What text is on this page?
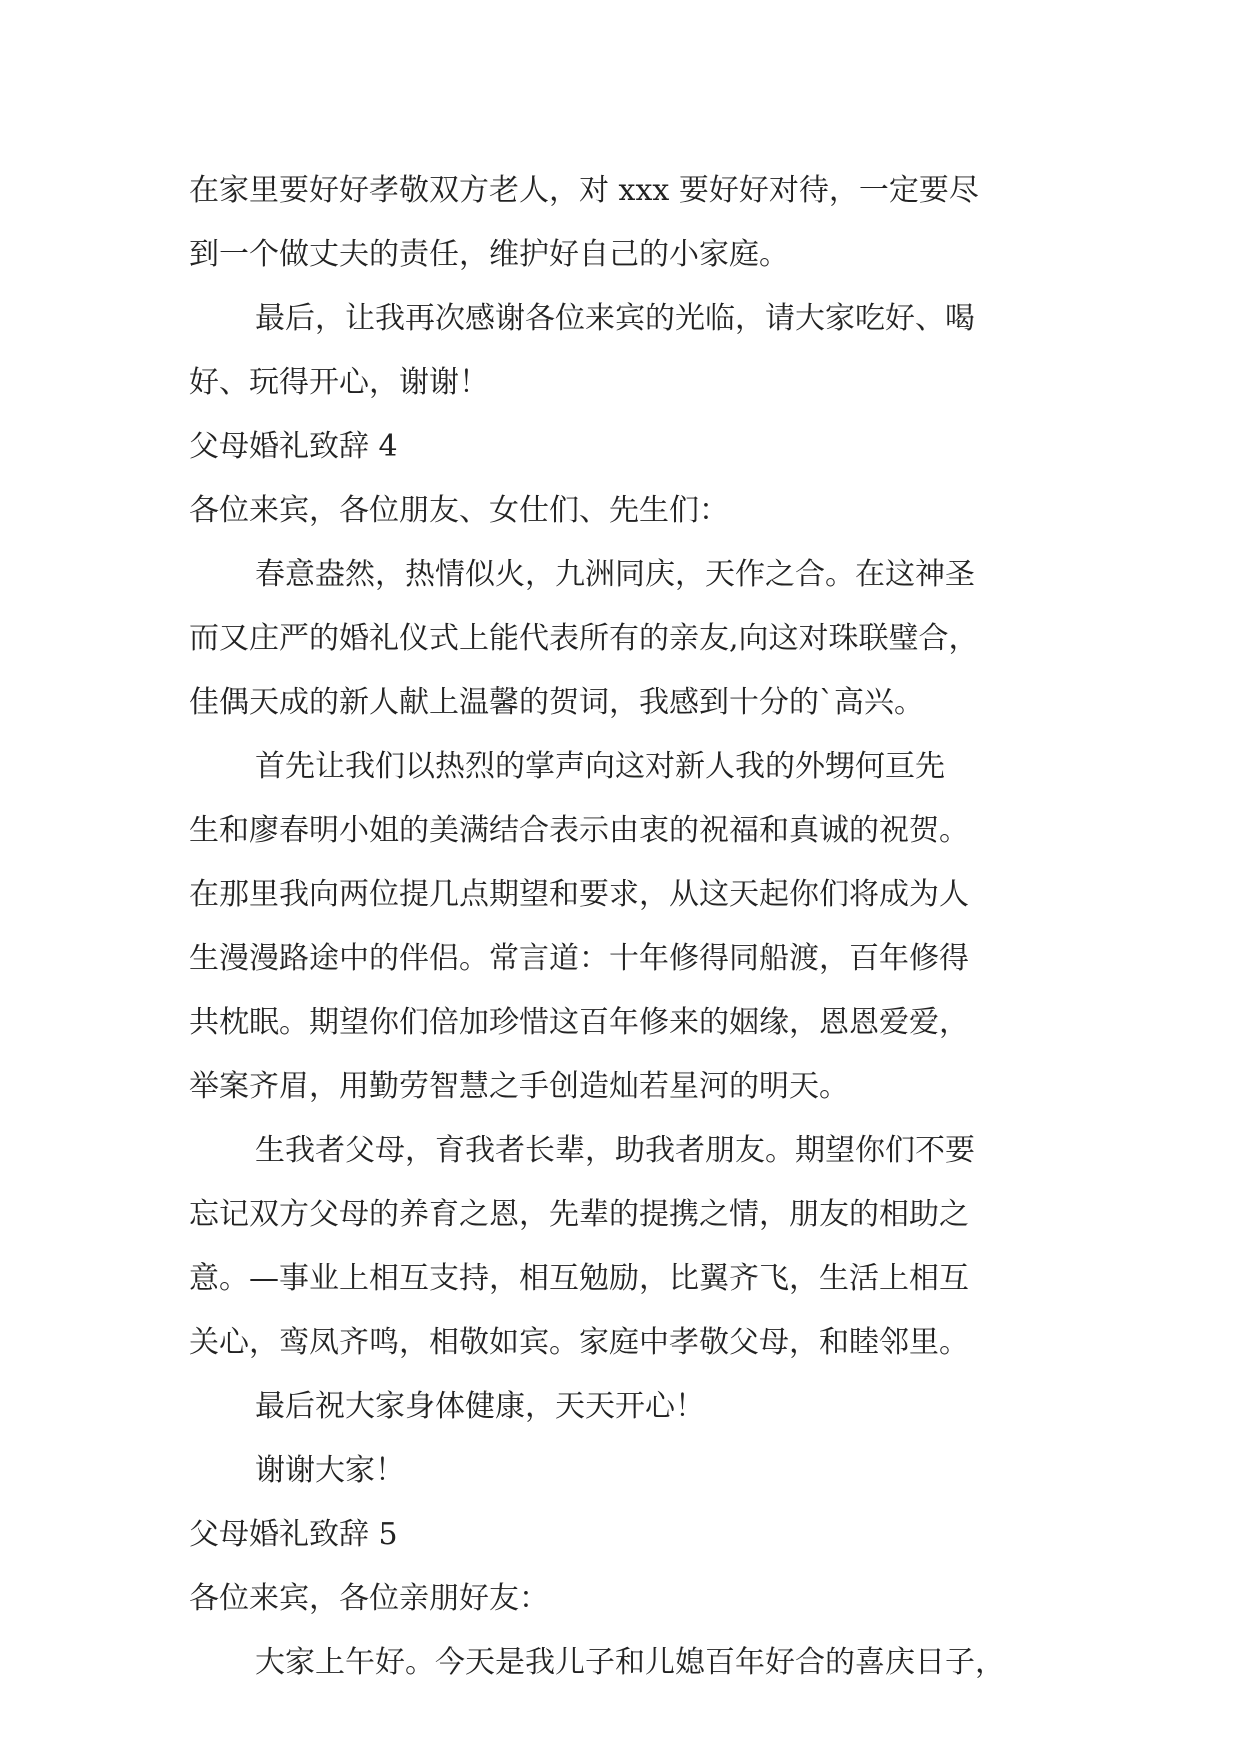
在家里要好好孝敬双方老人，对 xxx 要好好对待，一定要尽
到一个做丈夫的责任，维护好自己的小家庭。
最后，让我再次感谢各位来宾的光临，请大家吃好、喝
好、玩得开心，谢谢！
父母婚礼致辞 4
各位来宾，各位朋友、女仕们、先生们：
春意盎然，热情似火，九洲同庆，天作之合。在这神圣
而又庄严的婚礼仪式上能代表所有的亲友,向这对珠联璧合，
佳偶天成的新人献上温馨的贺词，我感到十分的`高兴。
首先让我们以热烈的掌声向这对新人我的外甥何亘先
生和廖春明小姐的美满结合表示由衷的祝福和真诚的祝贺。
在那里我向两位提几点期望和要求，从这天起你们将成为人
生漫漫路途中的伴侣。常言道：十年修得同船渡，百年修得
共枕眠。期望你们倍加珍惜这百年修来的姻缘，恩恩爱爱，
举案齐眉，用勤劳智慧之手创造灿若星河的明天。
生我者父母，育我者长辈，助我者朋友。期望你们不要
忘记双方父母的养育之恩，先辈的提携之情，朋友的相助之
意。—事业上相互支持，相互勉励，比翼齐飞，生活上相互
关心，鸾凤齐鸣，相敬如宾。家庭中孝敬父母，和睦邻里。
最后祝大家身体健康，天天开心！
谢谢大家！
父母婚礼致辞 5
各位来宾，各位亲朋好友：
大家上午好。今天是我儿子和儿媳百年好合的喜庆日子，
